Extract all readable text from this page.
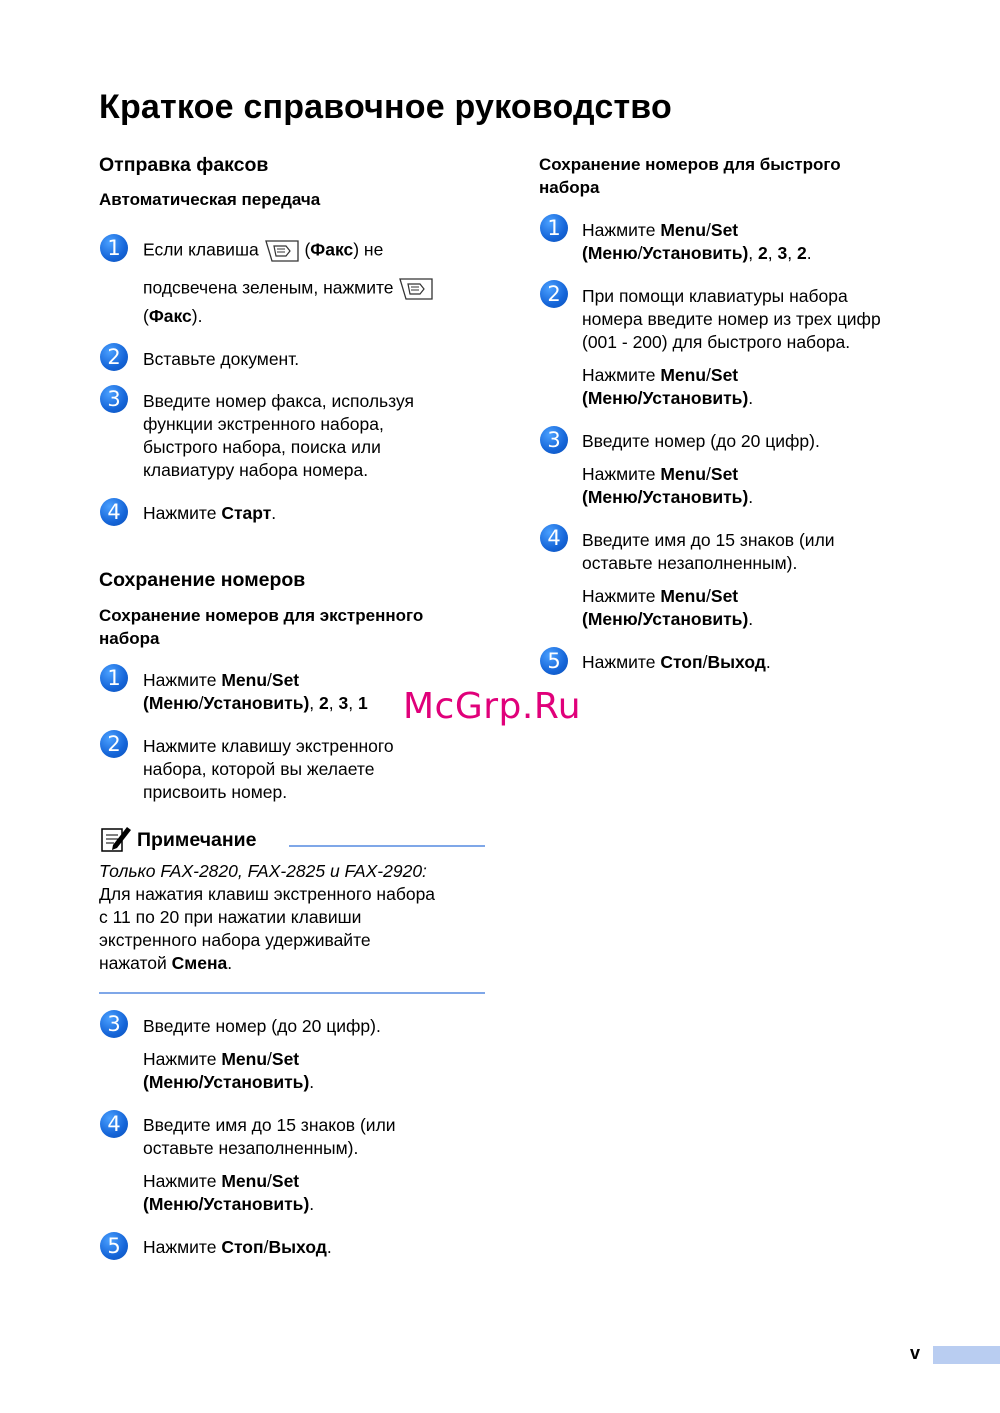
Краткое справочное руководство
Отправка факсов
Автоматическая передача
1	Если клавиша  (Факс) не
подсвечена зеленым, нажмите
(Факс).
2	Вставьте документ.
3	Введите номер факса, используя
функции экстренного набора,
быстрого набора, поиска или
клавиатуру набора номера.
4	Нажмите Старт.
Сохранение номеров
Сохранение номеров для экстренного
набора
1	Нажмите Menu/Set
(Меню/Установить), 2, 3, 1
2	Нажмите клавишу экстренного
набора, которой вы желаете
присвоить номер.
Примечание
Только FAX-2820, FAX-2825 и FAX-2920:
Для нажатия клавиш экстренного набора
с 11 по 20 при нажатии клавиши
экстренного набора удерживайте
нажатой Смена.
3	Введите номер (до 20 цифр).
Нажмите Menu/Set
(Меню/Установить).
4	Введите имя до 15 знаков (или
оставьте незаполненным).
Нажмите Menu/Set
(Меню/Установить).
5	Нажмите Стоп/Выход.
Сохранение номеров для быстрого
набора
1	Нажмите Menu/Set
(Меню/Установить), 2, 3, 2.
2	При помощи клавиатуры набора
номера введите номер из трех цифр
(001 - 200) для быстрого набора.
Нажмите Menu/Set
(Меню/Установить).
3	Введите номер (до 20 цифр).
Нажмите Menu/Set
(Меню/Установить).
4	Введите имя до 15 знаков (или
оставьте незаполненным).
Нажмите Menu/Set
(Меню/Установить).
5	Нажмите Стоп/Выход.
McGrp.Ru
v
